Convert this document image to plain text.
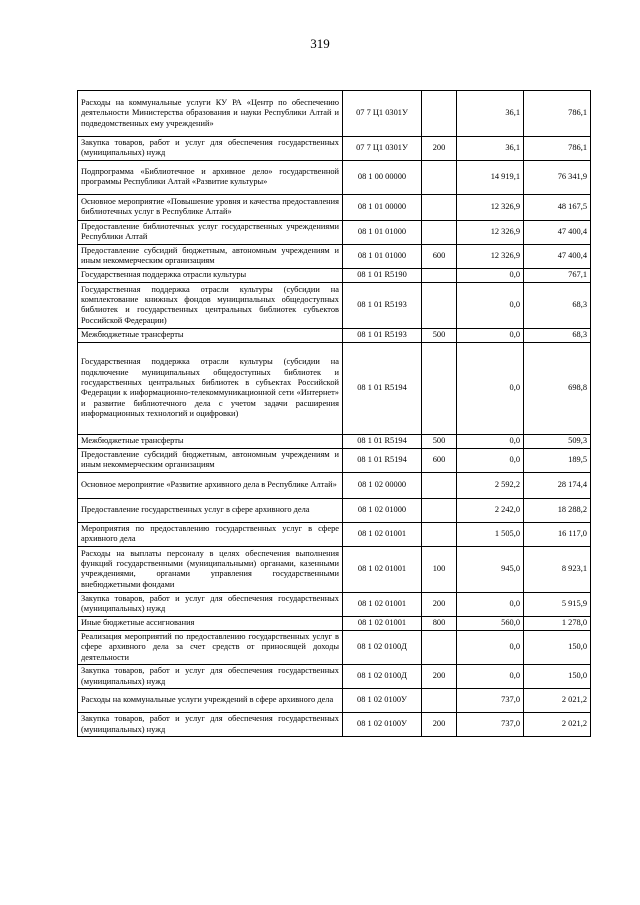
319
Расходы на коммунальные услуги КУ РА «Центр по обеспечению деятельности Министерства образования и науки Республики Алтай и подведомственных ему учреждений»	07 7 Ц1 0301У		36,1	786,1
Закупка товаров, работ и услуг для обеспечения государственных (муниципальных) нужд	07 7 Ц1 0301У	200	36,1	786,1
Подпрограмма «Библиотечное и архивное дело» государственной программы Республики Алтай «Развитие культуры»	08 1 00 00000		14 919,1	76 341,9
Основное мероприятие «Повышение уровня и качества предоставления библиотечных услуг в Республике Алтай»	08 1 01 00000		12 326,9	48 167,5
Предоставление библиотечных услуг государственных учреждениями Республики Алтай	08 1 01 01000		12 326,9	47 400,4
Предоставление субсидий бюджетным, автономным учреждениям и иным некоммерческим организациям	08 1 01 01000	600	12 326,9	47 400,4
Государственная поддержка отрасли культуры	08 1 01 R5190		0,0	767,1
Государственная поддержка отрасли культуры (субсидии на комплектование книжных фондов муниципальных общедоступных библиотек и государственных центральных библиотек субъектов Российской Федерации)	08 1 01 R5193		0,0	68,3
Межбюджетные трансферты	08 1 01 R5193	500	0,0	68,3
Государственная поддержка отрасли культуры (субсидии на подключение муниципальных общедоступных библиотек и государственных центральных библиотек в субъектах Российской Федерации к информационно-телекоммуникационной сети «Интернет» и развитие библиотечного дела с учетом задачи расширения информационных технологий и оцифровки)	08 1 01 R5194		0,0	698,8
Межбюджетные трансферты	08 1 01 R5194	500	0,0	509,3
Предоставление субсидий бюджетным, автономным учреждениям и иным некоммерческим организациям	08 1 01 R5194	600	0,0	189,5
Основное мероприятие «Развитие архивного дела в Республике Алтай»	08 1 02 00000		2 592,2	28 174,4
Предоставление государственных услуг в сфере архивного дела	08 1 02 01000		2 242,0	18 288,2
Мероприятия по предоставлению государственных услуг в сфере архивного дела	08 1 02 01001		1 505,0	16 117,0
Расходы на выплаты персоналу в целях обеспечения выполнения функций государственными (муниципальными) органами, казенными учреждениями, органами управления государственными внебюджетными фондами	08 1 02 01001	100	945,0	8 923,1
Закупка товаров, работ и услуг для обеспечения государственных (муниципальных) нужд	08 1 02 01001	200	0,0	5 915,9
Иные бюджетные ассигнования	08 1 02 01001	800	560,0	1 278,0
Реализация мероприятий по предоставлению государственных услуг в сфере архивного дела за счет средств от приносящей доходы деятельности	08 1 02 0100Д		0,0	150,0
Закупка товаров, работ и услуг для обеспечения государственных (муниципальных) нужд	08 1 02 0100Д	200	0,0	150,0
Расходы на коммунальные услуги учреждений в сфере архивного дела	08 1 02 0100У		737,0	2 021,2
Закупка товаров, работ и услуг для обеспечения государственных (муниципальных) нужд	08 1 02 0100У	200	737,0	2 021,2
